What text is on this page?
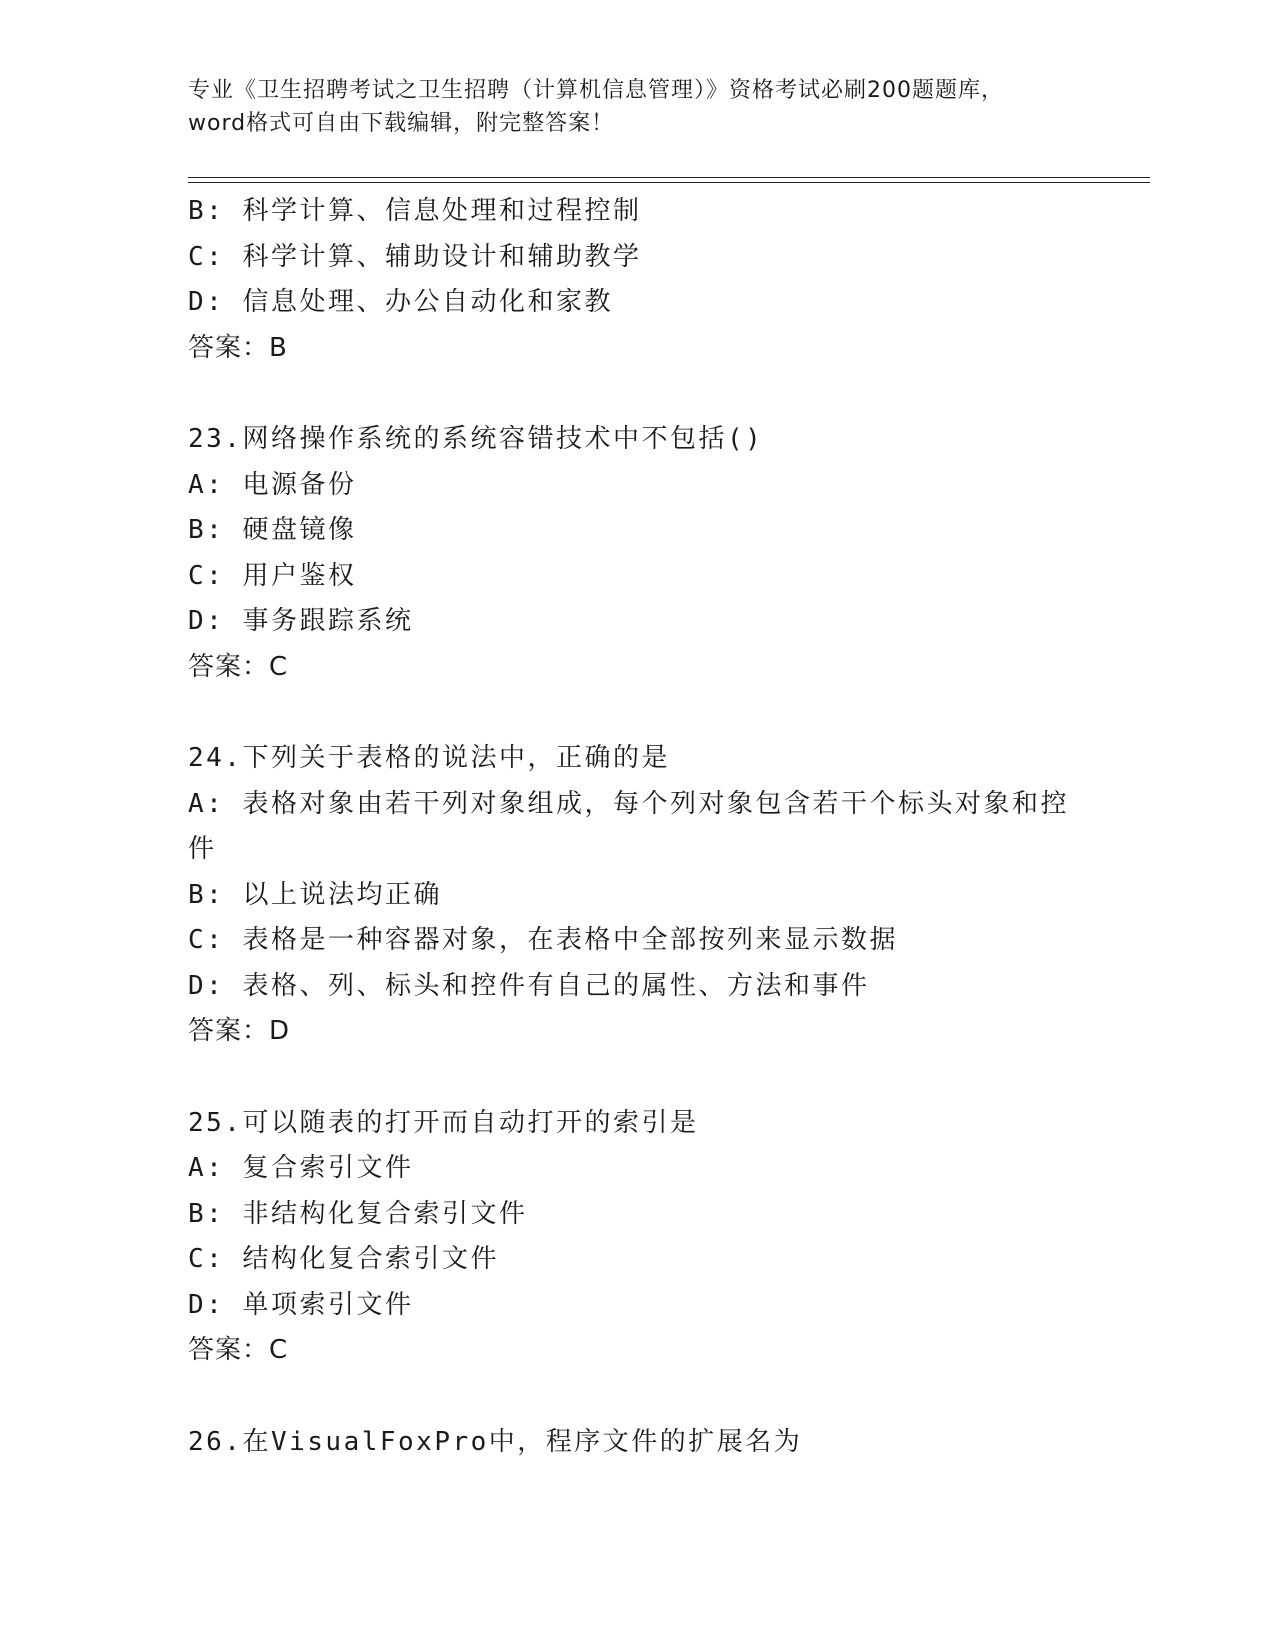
专业《卫生招聘考试之卫生招聘（计算机信息管理）》资格考试必刷200题题库，
word格式可自由下载编辑，附完整答案！
B: 科学计算、信息处理和过程控制
C: 科学计算、辅助设计和辅助教学
D: 信息处理、办公自动化和家教
答案：B
23.网络操作系统的系统容错技术中不包括()
A: 电源备份
B: 硬盘镜像
C: 用户鉴权
D: 事务跟踪系统
答案：C
24.下列关于表格的说法中，正确的是
A: 表格对象由若干列对象组成，每个列对象包含若干个标头对象和控
件
B: 以上说法均正确
C: 表格是一种容器对象，在表格中全部按列来显示数据
D: 表格、列、标头和控件有自己的属性、方法和事件
答案：D
25.可以随表的打开而自动打开的索引是
A: 复合索引文件
B: 非结构化复合索引文件
C: 结构化复合索引文件
D: 单项索引文件
答案：C
26.在VisualFoxPro中，程序文件的扩展名为
